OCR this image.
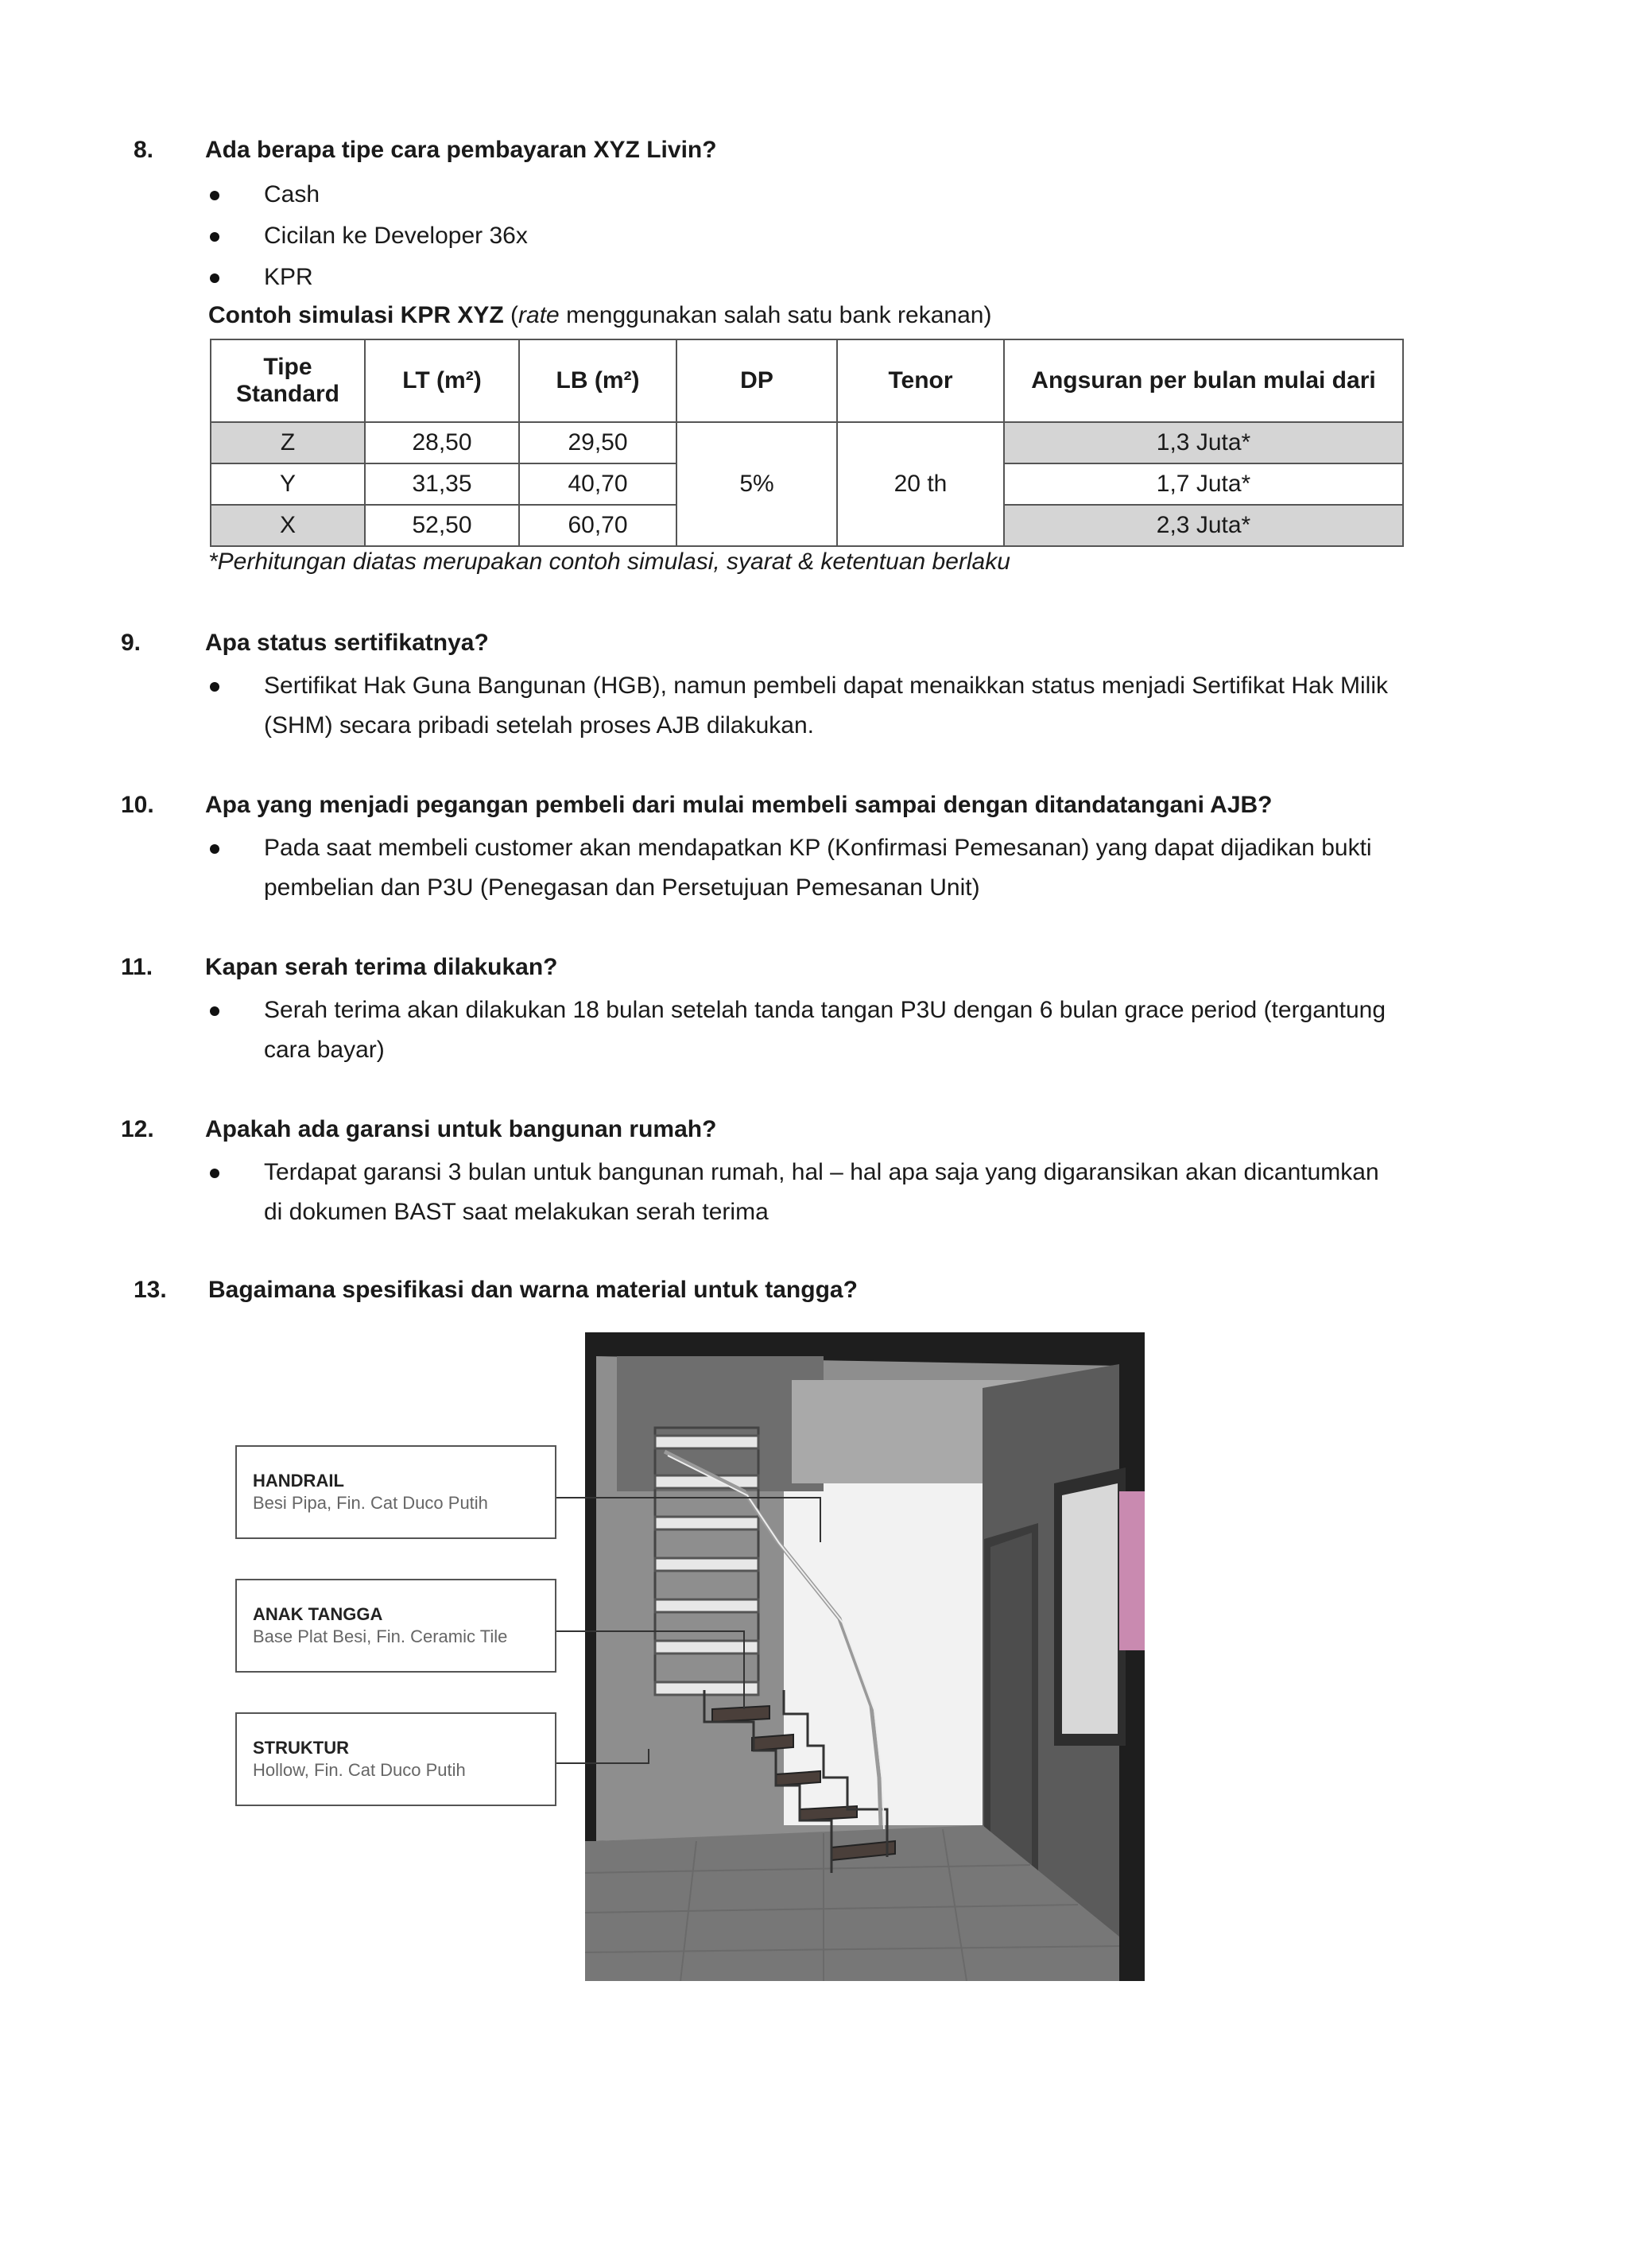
8. Ada berapa tipe cara pembayaran XYZ Livin?
Cash
Cicilan ke Developer 36x
KPR
Contoh simulasi KPR XYZ (rate menggunakan salah satu bank rekanan)
Tipe Standard	LT (m²)	LB (m²)	DP	Tenor	Angsuran per bulan mulai dari
Z	28,50	29,50	5%	20 th	1,3 Juta*
Y	31,35	40,70			1,7 Juta*
X	52,50	60,70			2,3 Juta*
*Perhitungan diatas merupakan contoh simulasi, syarat & ketentuan berlaku
9.	Apa status sertifikatnya?
Sertifikat Hak Guna Bangunan (HGB), namun pembeli dapat menaikkan status menjadi Sertifikat Hak Milik
(SHM) secara pribadi setelah proses AJB dilakukan.
10. Apa yang menjadi pegangan pembeli dari mulai membeli sampai dengan ditandatangani AJB?
Pada saat membeli customer akan mendapatkan KP (Konfirmasi Pemesanan) yang dapat dijadikan bukti
pembelian dan P3U (Penegasan dan Persetujuan Pemesanan Unit)
11. Kapan serah terima dilakukan?
Serah terima akan dilakukan 18 bulan setelah tanda tangan P3U dengan 6 bulan grace period (tergantung
cara bayar)
12. Apakah ada garansi untuk bangunan rumah?
Terdapat garansi 3 bulan untuk bangunan rumah, hal – hal apa saja yang digaransikan akan dicantumkan
di dokumen BAST saat melakukan serah terima
13. Bagaimana spesifikasi dan warna material untuk tangga?
HANDRAIL
Besi Pipa, Fin. Cat Duco Putih
ANAK TANGGA
Base Plat Besi, Fin. Ceramic Tile
STRUKTUR
Hollow, Fin. Cat Duco Putih
